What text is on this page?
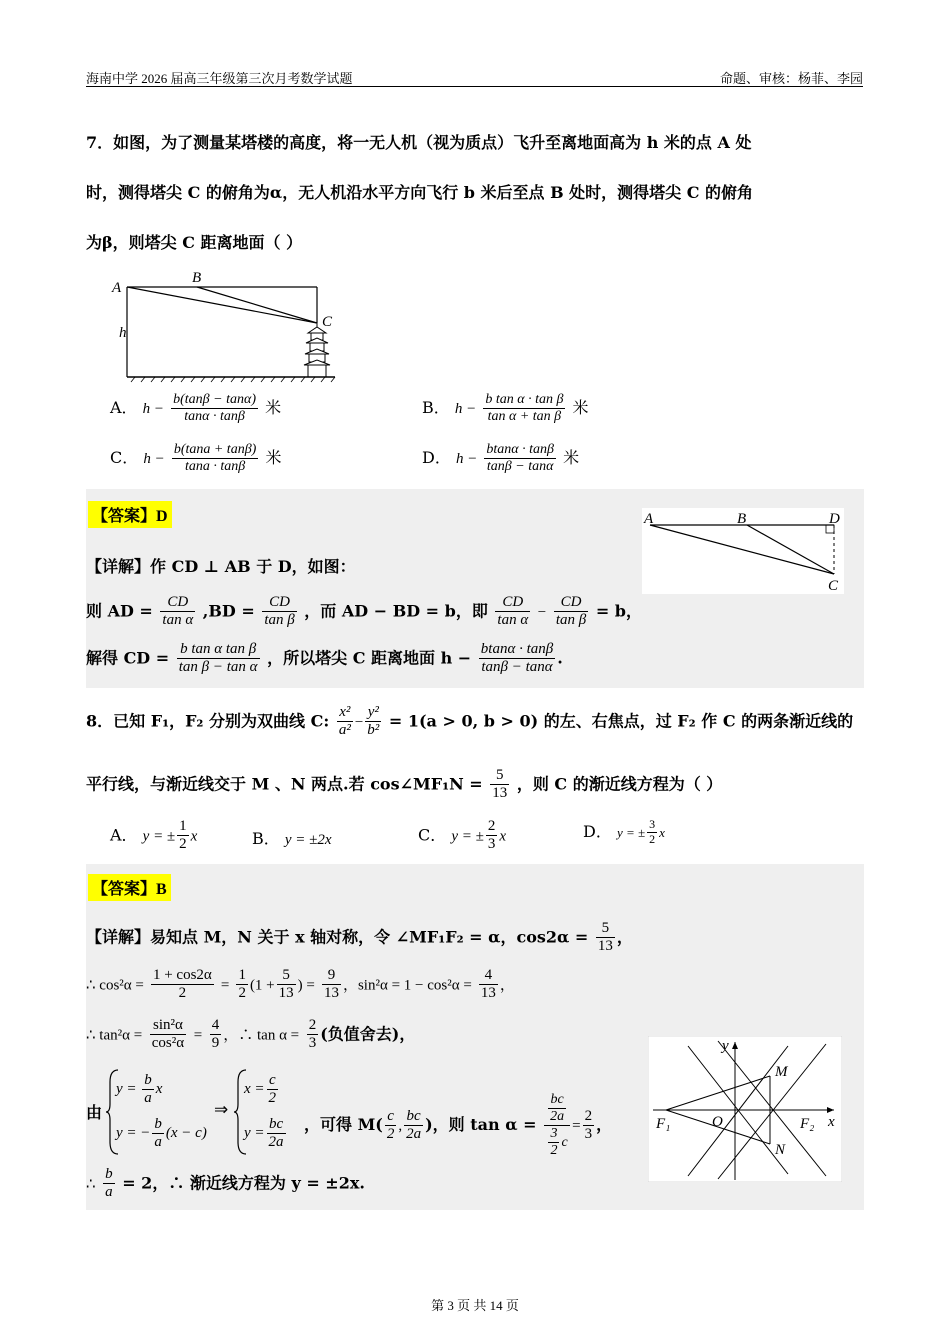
海南中学 2026 届高三年级第三次月考数学试题	命题、审核：杨菲、李园
7．如图，为了测量某塔楼的高度，将一无人机（视为质点）飞升至离地面高为 h 米的点 A 处
时，测得塔尖 C 的俯角为α，无人机沿水平方向飞行 b 米后至点 B 处时，测得塔尖 C 的俯角
为β，则塔尖 C 距离地面（ ）
A
B
C
h
A． $h - \frac{b(\tan\beta - \tan\alpha)}{\tan\alpha \cdot \tan\beta}$ 米	B． $h - \frac{\text{b tan α · tan β}}{\text{tan α + tan β}}$ 米
C． $h - \frac{b(\tan a + \tan\beta)}{\tan a \cdot \tan\beta}$ 米	D． $h - \frac{btan\alpha \cdot \tan\beta}{\tan\beta - \tan\alpha}$ 米
【答案】D	A	B	D
C
【详解】作 CD ⊥ AB 于 D，如图：
则 AD = $\frac{CD}{\text{tan α}} ,BD = \frac{CD}{\text{tan β}}$ ，而 AD − BD = b，即 $\frac{CD}{\text{tan α}} - \frac{CD}{\text{tan β}} = b$，
解得 CD = $\frac{\text{b tan α tan β}}{\text{tan β − tan α}}$ ，所以塔尖 C 距离地面 $h - \frac{btan\alpha \cdot \tan\beta}{\tan\beta - \tan\alpha}$ .
8．已知 F₁，F₂ 分别为双曲线 C: $\frac{\text{x²}}{\text{a²}} - \frac{\text{y²}}{\text{b²}} = 1(a > 0$, b > 0) 的左、右焦点，过 F₂ 作 C 的两条渐近线的
平行线，与渐近线交于 M 、N 两点.若 cos∠MF₁N = $\frac{5}{13}$ ，则 C 的渐近线方程为（ ）
A． y = ± $\frac{1}{2}$ x	B． y = ±2x	C． y = ± $\frac{2}{3}$ x	D． y = ± $\frac{3}{2}$ x
【答案】B
【详解】易知点 M，N 关于 x 轴对称，令 ∠MF₁F₂ = α，$\cos 2\alpha = \frac{5}{13}$ ，
∴ $\cos^2\alpha = \frac{1 + \cos 2\alpha}{2} = \frac{1}{2} (1 + \frac{5}{13}$ ) = $\frac{9}{13}$ ，$\sin^2\alpha = 1 - \cos^2\alpha = \frac{4}{13}$ ，
∴ $\tan^2\alpha = \frac{\text{sin²α}}{\text{cos²α}} = \frac{4}{9}$ ，∴ $\tan \alpha = \frac{2}{3}$ (负值舍去)，
由
$y = \frac{b}{a}$ x
y = − $\frac{b}{a} (x - c)$
⇒
$x = \frac{c}{2}$
$y = \frac{bc}{2a}$ ，可得 $M( \frac{c}{2}$ , $\frac{bc}{2a}$ )，则 $\tan \alpha = \frac{\frac{bc}{2a}}{\frac{3}{2} c} = \frac{2}{3}$ ，
∴ $\frac{b}{a} = 2$，∴ 渐近线方程为 y = ±2x.
y
M
F₁	O	F₂ x
N
第 3 页 共 14 页
